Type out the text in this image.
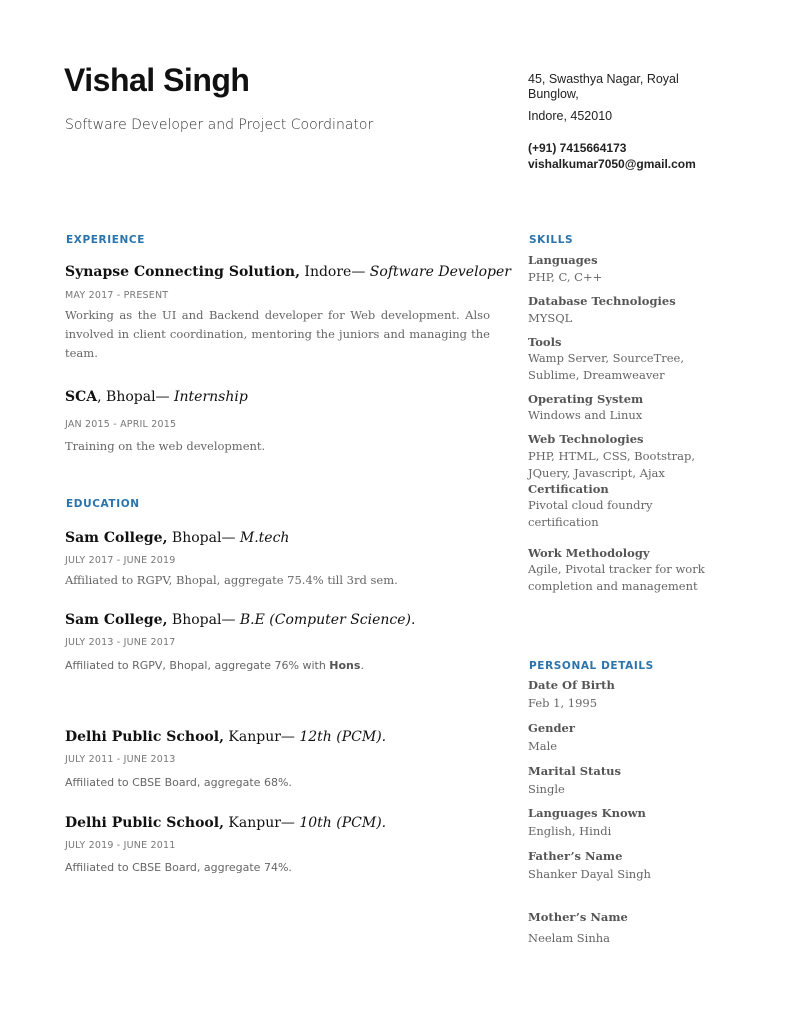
Vishal Singh
Software Developer and Project Coordinator
45, Swasthya Nagar, Royal
Bunglow,
Indore, 452010
(+91) 7415664173
vishalkumar7050@gmail.com
EXPERIENCE
Synapse Connecting Solution, Indore— Software Developer
MAY 2017 - PRESENT
Working as the UI and Backend developer for Web development. Also involved in client coordination, mentoring the juniors and managing the team.
SCA, Bhopal— Internship
JAN 2015 - APRIL 2015
Training on the web development.
EDUCATION
Sam College, Bhopal— M.tech
JULY 2017 - JUNE 2019
Affiliated to RGPV, Bhopal, aggregate 75.4% till 3rd sem.
Sam College, Bhopal— B.E (Computer Science).
JULY 2013 - JUNE 2017
Affiliated to RGPV, Bhopal, aggregate 76% with Hons.
Delhi Public School, Kanpur— 12th (PCM).
JULY 2011 - JUNE 2013
Affiliated to CBSE Board, aggregate 68%.
Delhi Public School, Kanpur— 10th (PCM).
JULY 2019 - JUNE 2011
Affiliated to CBSE Board, aggregate 74%.
SKILLS
Languages
PHP, C, C++
Database Technologies
MYSQL
Tools
Wamp Server, SourceTree, Sublime, Dreamweaver
Operating System
Windows and Linux
Web Technologies
PHP, HTML, CSS, Bootstrap, JQuery, Javascript, Ajax
Certification
Pivotal cloud foundry certification
Work Methodology
Agile, Pivotal tracker for work completion and management
PERSONAL DETAILS
Date Of Birth
Feb 1, 1995
Gender
Male
Marital Status
Single
Languages Known
English, Hindi
Father’s Name
Shanker Dayal Singh
Mother’s Name
Neelam Sinha
